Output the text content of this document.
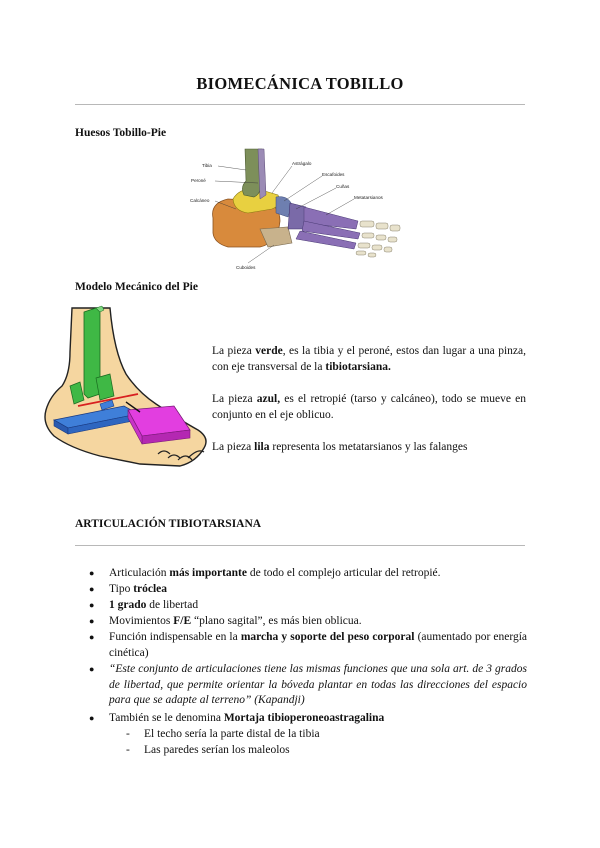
BIOMECÁNICA TOBILLO
Huesos Tobillo-Pie
Tibia
Peroné
Calcáneo
Astrágalo
Escafoides
Cuñas
Metatarsianos
Cuboides
Modelo Mecánico del Pie
La pieza verde, es la tibia y el peroné, estos dan lugar a una pinza, con eje transversal de la tibiotarsiana.
La pieza azul, es el retropié (tarso y calcáneo), todo se mueve en conjunto en el eje oblicuo.
La pieza lila representa los metatarsianos y las falanges
ARTICULACIÓN TIBIOTARSIANA
● Articulación más importante de todo el complejo articular del retropié.
● Tipo tróclea
● 1 grado de libertad
● Movimientos F/E “plano sagital”, es más bien oblicua.
● Función indispensable en la marcha y soporte del peso corporal (aumentado por energía cinética)
● “Este conjunto de articulaciones tiene las mismas funciones que una sola art. de 3 grados de libertad, que permite orientar la bóveda plantar en todas las direcciones del espacio para que se adapte al terreno” (Kapandji)
● También se le denomina Mortaja tibioperoneoastragalina
- El techo sería la parte distal de la tibia
- Las paredes serían los maleolos
